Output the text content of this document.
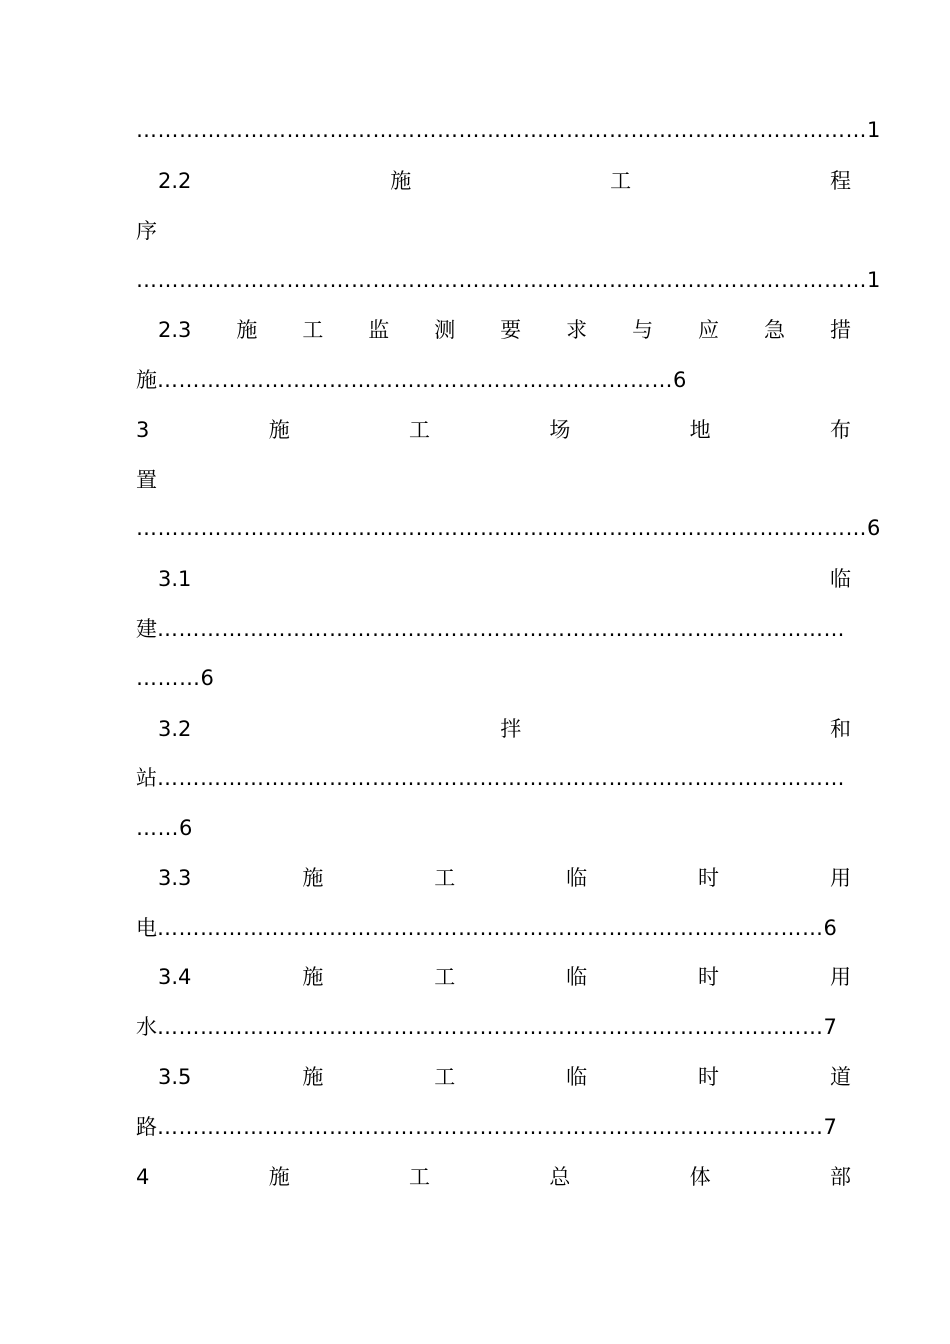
…………………………………………………………………………………………1
2.2	施	工	程
序
…………………………………………………………………………………………1
2.3 施 工 监 测 要 求 与 应 急 措
施………………………………………………………………6
3	施	工	场	地	布
置
…………………………………………………………………………………………6
3.1	临
建……………………………………………………………………………………
………6
3.2	拌	和
站……………………………………………………………………………………
……6
3.3	施	工	临	时	用
电…………………………………………………………………………………6
3.4	施	工	临	时	用
水…………………………………………………………………………………7
3.5	施	工	临	时	道
路…………………………………………………………………………………7
4	施	工	总	体	部
